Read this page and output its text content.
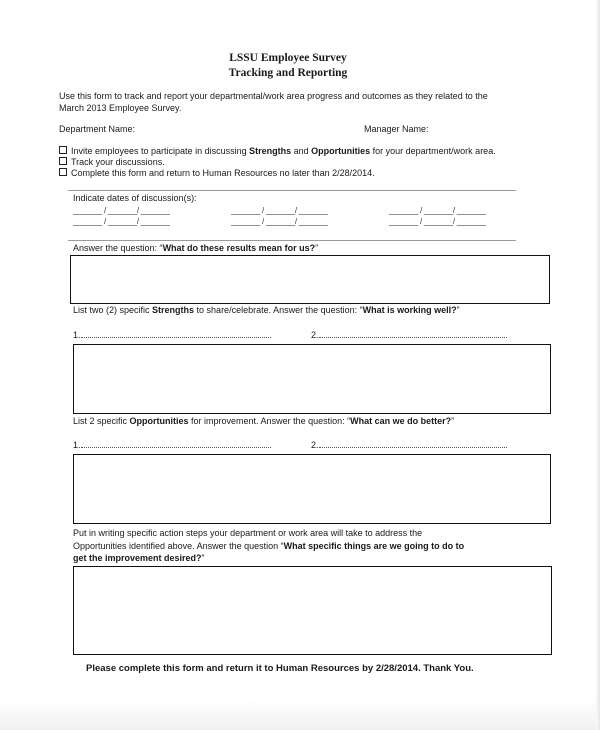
LSSU Employee Survey
Tracking and Reporting
Use this form to track and report your departmental/work area progress and outcomes as they related to the
March 2013 Employee Survey.
Department Name:	Manager Name:
Invite employees to participate in discussing Strengths and Opportunities for your department/work area.
Track your discussions.
Complete this form and return to Human Resources no later than 2/28/2014.
Indicate dates of discussion(s):
_______ / _______/ _______	_______ / _______/ _______	_______ / _______/ _______
_______ / _______/ _______	_______ / _______/ _______	_______ / _______/ _______
Answer the question: “What do these results mean for us?”
List two (2) specific Strengths to share/celebrate. Answer the question: “What is working well?”
1.	2.
List 2 specific Opportunities for improvement. Answer the question: “What can we do better?”
1.	2.
Put in writing specific action steps your department or work area will take to address the
Opportunities identified above. Answer the question “What specific things are we going to do to
get the improvement desired?”
Please complete this form and return it to Human Resources by 2/28/2014. Thank You.
